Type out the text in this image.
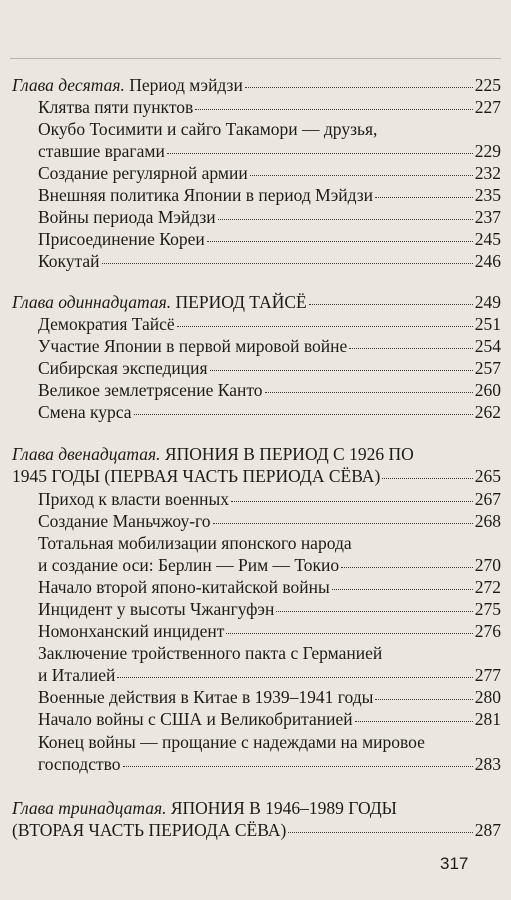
Глава десятая. Период мэйдзи	225
Клятва пяти пунктов	227
Окубо Тосимити и сайго Такамори — друзья,
ставшие врагами	229
Создание регулярной армии	232
Внешняя политика Японии в период Мэйдзи	235
Войны периода Мэйдзи	237
Присоединение Кореи	245
Кокутай	246
Глава одиннадцатая. ПЕРИОД ТАЙСЁ	249
Демократия Тайсё	251
Участие Японии в первой мировой войне	254
Сибирская экспедиция	257
Великое землетрясение Канто	260
Смена курса	262
Глава двенадцатая. ЯПОНИЯ В ПЕРИОД С 1926 ПО
1945 ГОДЫ (ПЕРВАЯ ЧАСТЬ ПЕРИОДА СЁВА)	265
Приход к власти военных	267
Создание Маньчжоу-го	268
Тотальная мобилизации японского народа
и создание оси: Берлин — Рим — Токио	270
Начало второй японо-китайской войны	272
Инцидент у высоты Чжангуфэн	275
Номонханский инцидент	276
Заключение тройственного пакта с Германией
и Италией	277
Военные действия в Китае в 1939–1941 годы	280
Начало войны с США и Великобританией	281
Конец войны — прощание с надеждами на мировое
господство	283
Глава тринадцатая. ЯПОНИЯ В 1946–1989 ГОДЫ
(ВТОРАЯ ЧАСТЬ ПЕРИОДА СЁВА)	287
317
